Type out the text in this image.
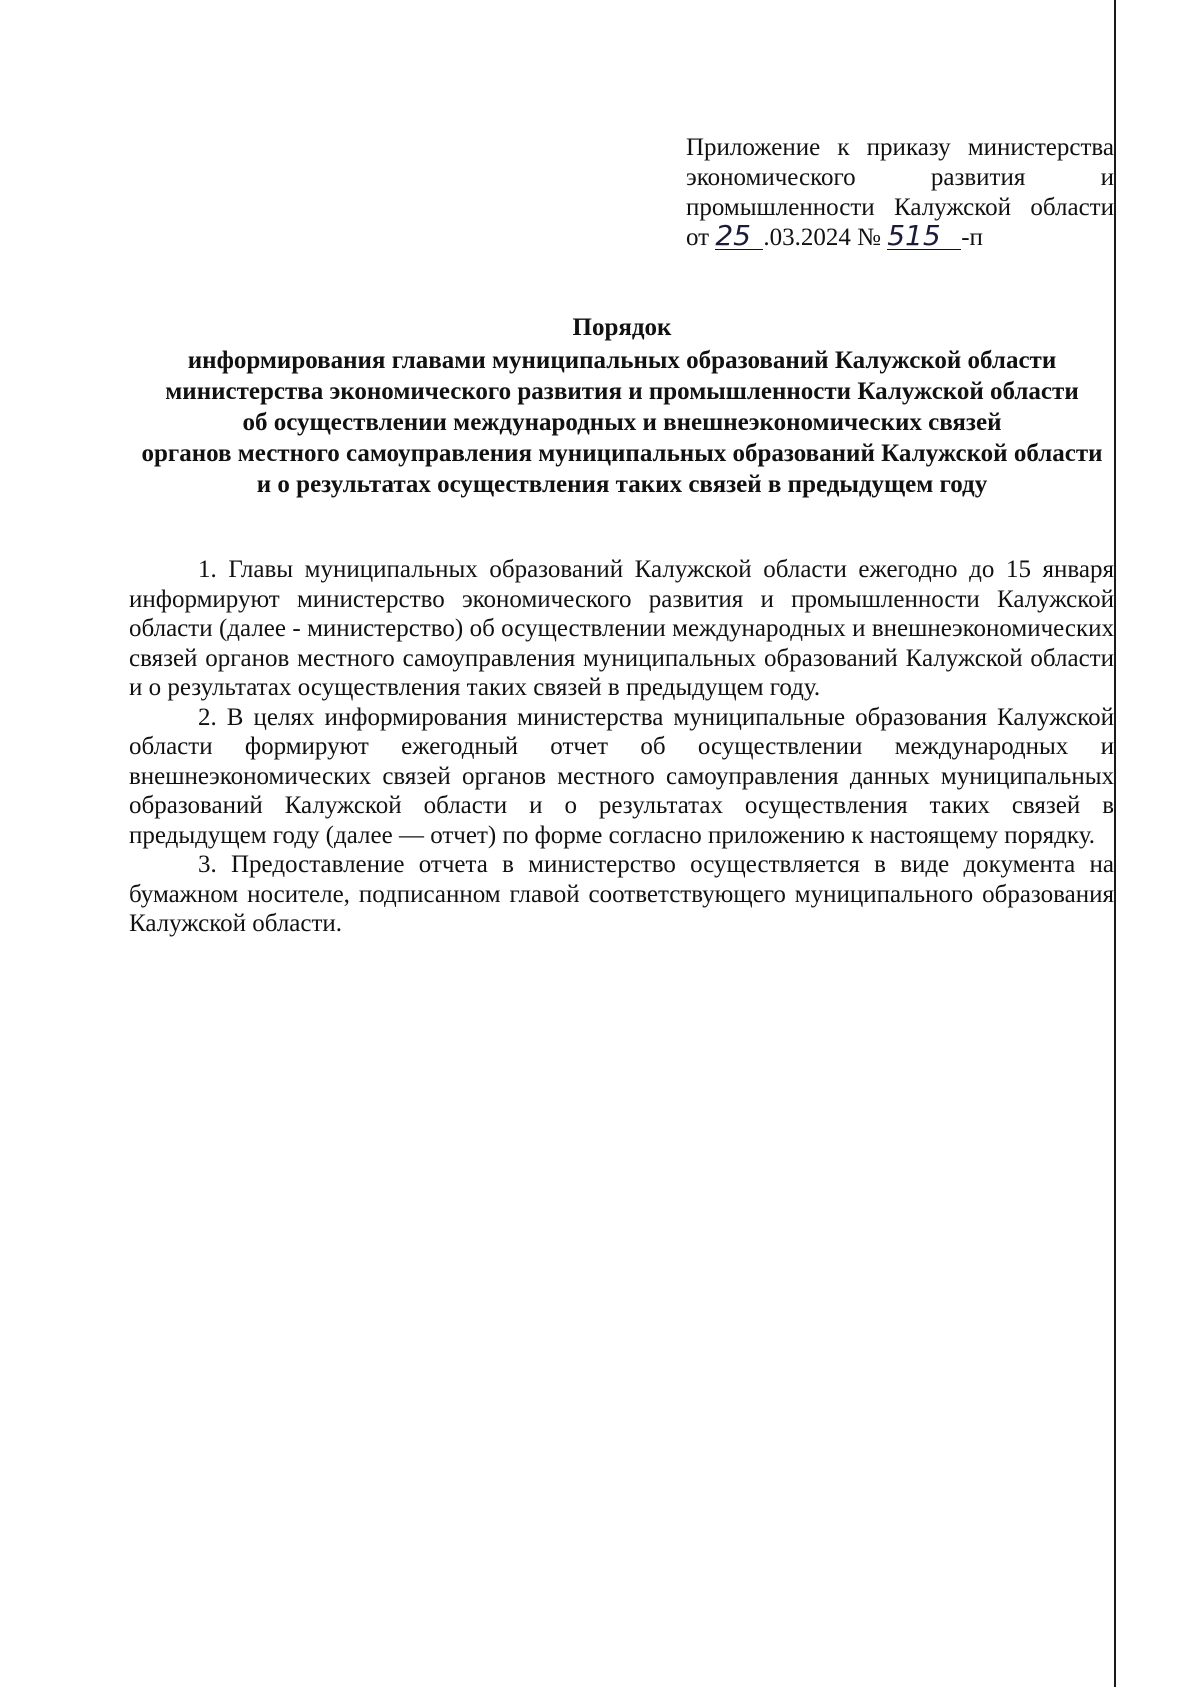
Приложение к приказу министерства
экономического развития и
промышленности Калужской области
от 25 .03.2024 № 515 -п
Порядок
информирования главами муниципальных образований Калужской области
министерства экономического развития и промышленности Калужской области
об осуществлении международных и внешнеэкономических связей
органов местного самоуправления муниципальных образований Калужской области
и о результатах осуществления таких связей в предыдущем году

1. Главы муниципальных образований Калужской области ежегодно до 15 января информируют министерство экономического развития и промышленности Калужской области (далее - министерство) об осуществлении международных и внешнеэкономических связей органов местного самоуправления муниципальных образований Калужской области и о результатах осуществления таких связей в предыдущем году.

2. В целях информирования министерства муниципальные образования Калужской области формируют ежегодный отчет об осуществлении международных и внешнеэкономических связей органов местного самоуправления данных муниципальных образований Калужской области и о результатах осуществления таких связей в предыдущем году (далее — отчет) по форме согласно приложению к настоящему порядку.

3. Предоставление отчета в министерство осуществляется в виде документа на бумажном носителе, подписанном главой соответствующего муниципального образования Калужской области.
